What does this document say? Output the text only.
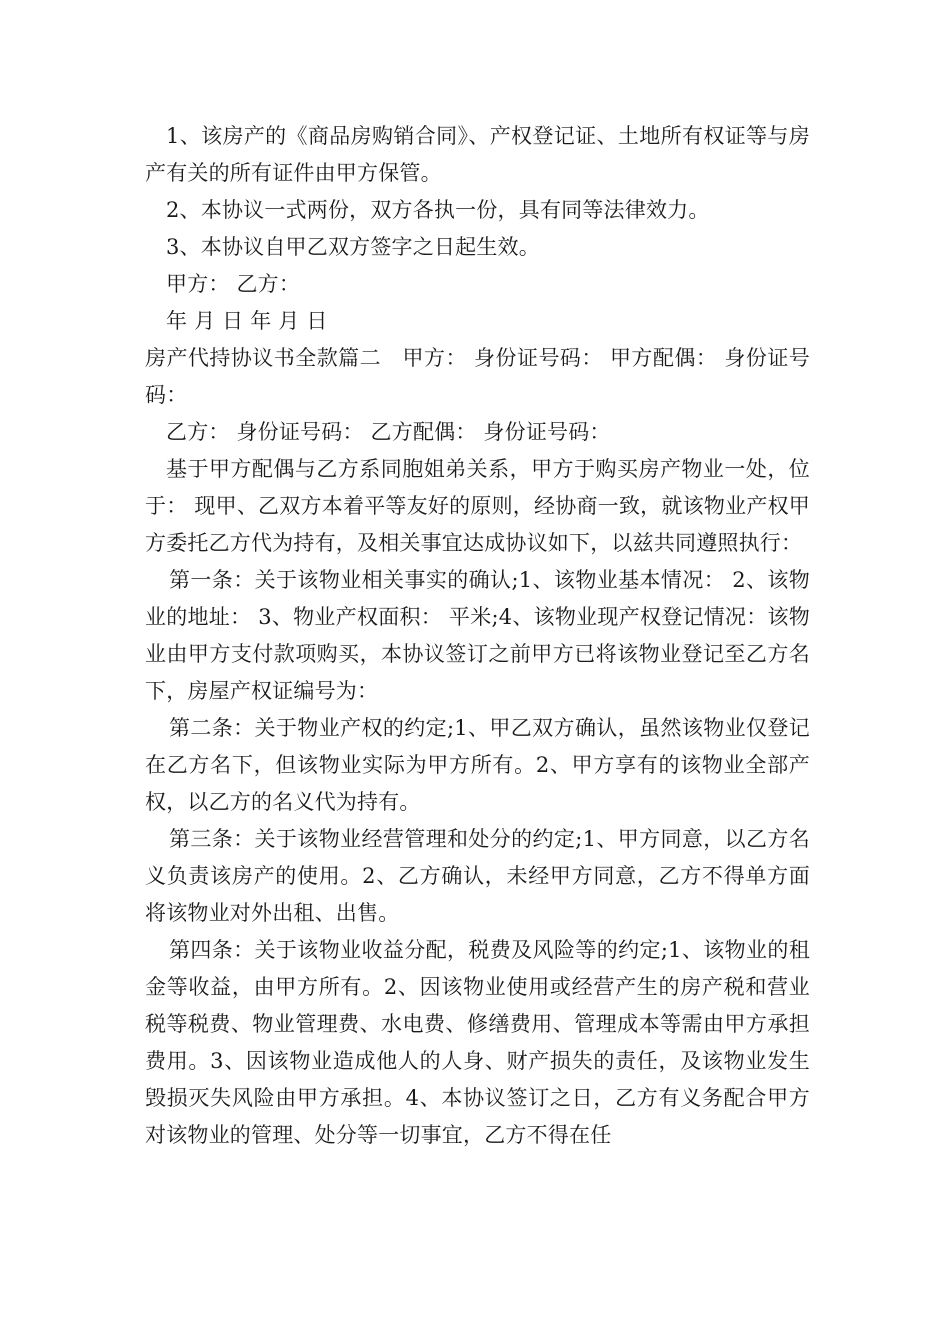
1、该房产的《商品房购销合同》、产权登记证、土地所有权证等与房产有关的所有证件由甲方保管。

2、本协议一式两份，双方各执一份，具有同等法律效力。

3、本协议自甲乙双方签字之日起生效。

甲方： 乙方：

年 月 日 年 月 日

房产代持协议书全款篇二　甲方： 身份证号码： 甲方配偶： 身份证号码：

乙方： 身份证号码： 乙方配偶： 身份证号码：

基于甲方配偶与乙方系同胞姐弟关系，甲方于购买房产物业一处，位于： 现甲、乙双方本着平等友好的原则，经协商一致，就该物业产权甲方委托乙方代为持有，及相关事宜达成协议如下，以兹共同遵照执行：

第一条：关于该物业相关事实的确认;1、该物业基本情况： 2、该物业的地址： 3、物业产权面积： 平米;4、该物业现产权登记情况：该物业由甲方支付款项购买，本协议签订之前甲方已将该物业登记至乙方名下，房屋产权证编号为：

第二条：关于物业产权的约定;1、甲乙双方确认，虽然该物业仅登记在乙方名下，但该物业实际为甲方所有。2、甲方享有的该物业全部产权，以乙方的名义代为持有。

第三条：关于该物业经营管理和处分的约定;1、甲方同意，以乙方名义负责该房产的使用。2、乙方确认，未经甲方同意，乙方不得单方面将该物业对外出租、出售。

第四条：关于该物业收益分配，税费及风险等的约定;1、该物业的租金等收益，由甲方所有。2、因该物业使用或经营产生的房产税和营业税等税费、物业管理费、水电费、修缮费用、管理成本等需由甲方承担费用。3、因该物业造成他人的人身、财产损失的责任，及该物业发生毁损灭失风险由甲方承担。4、本协议签订之日，乙方有义务配合甲方对该物业的管理、处分等一切事宜，乙方不得在任
